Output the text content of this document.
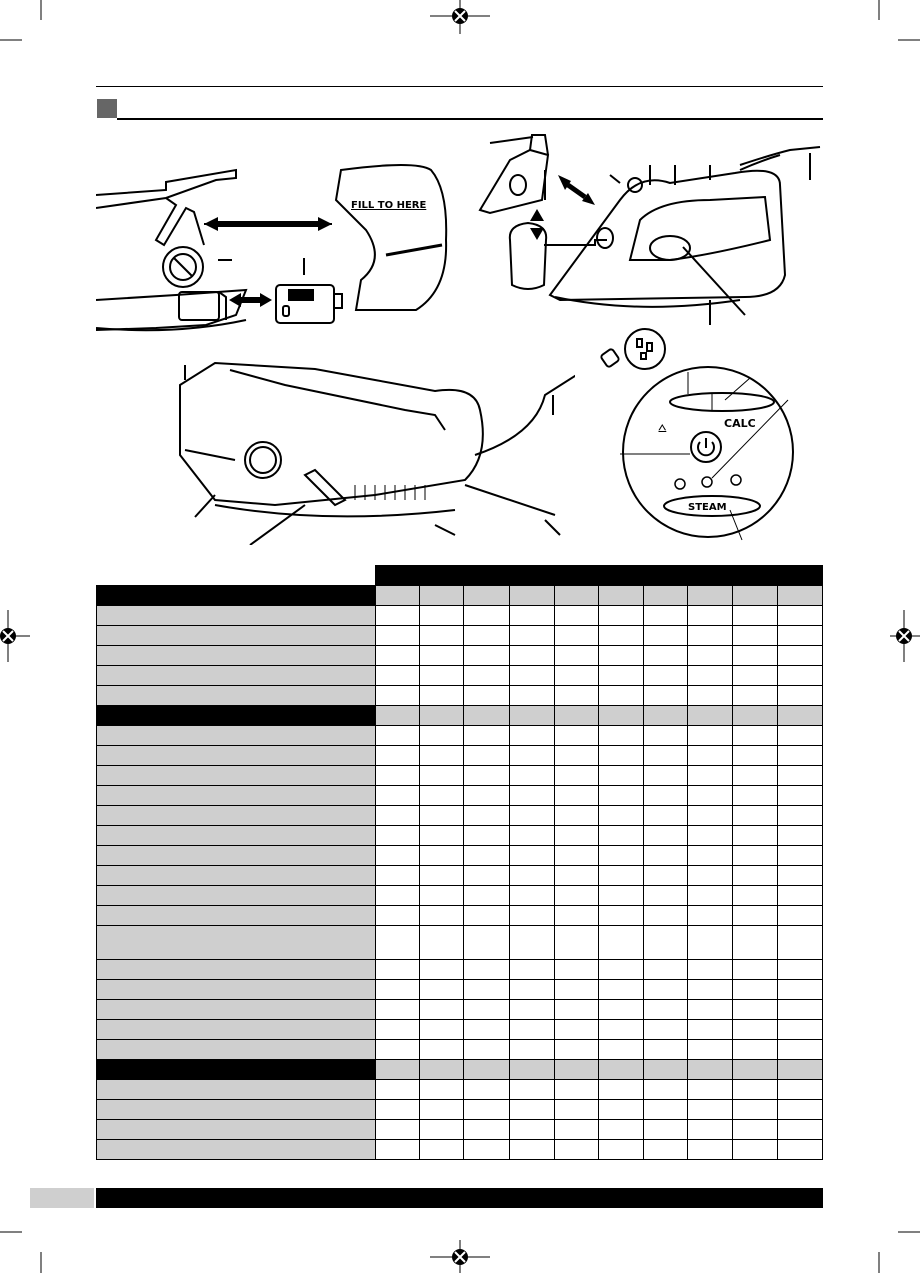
FILL TO HERE
CALC
⩟
STEAM
